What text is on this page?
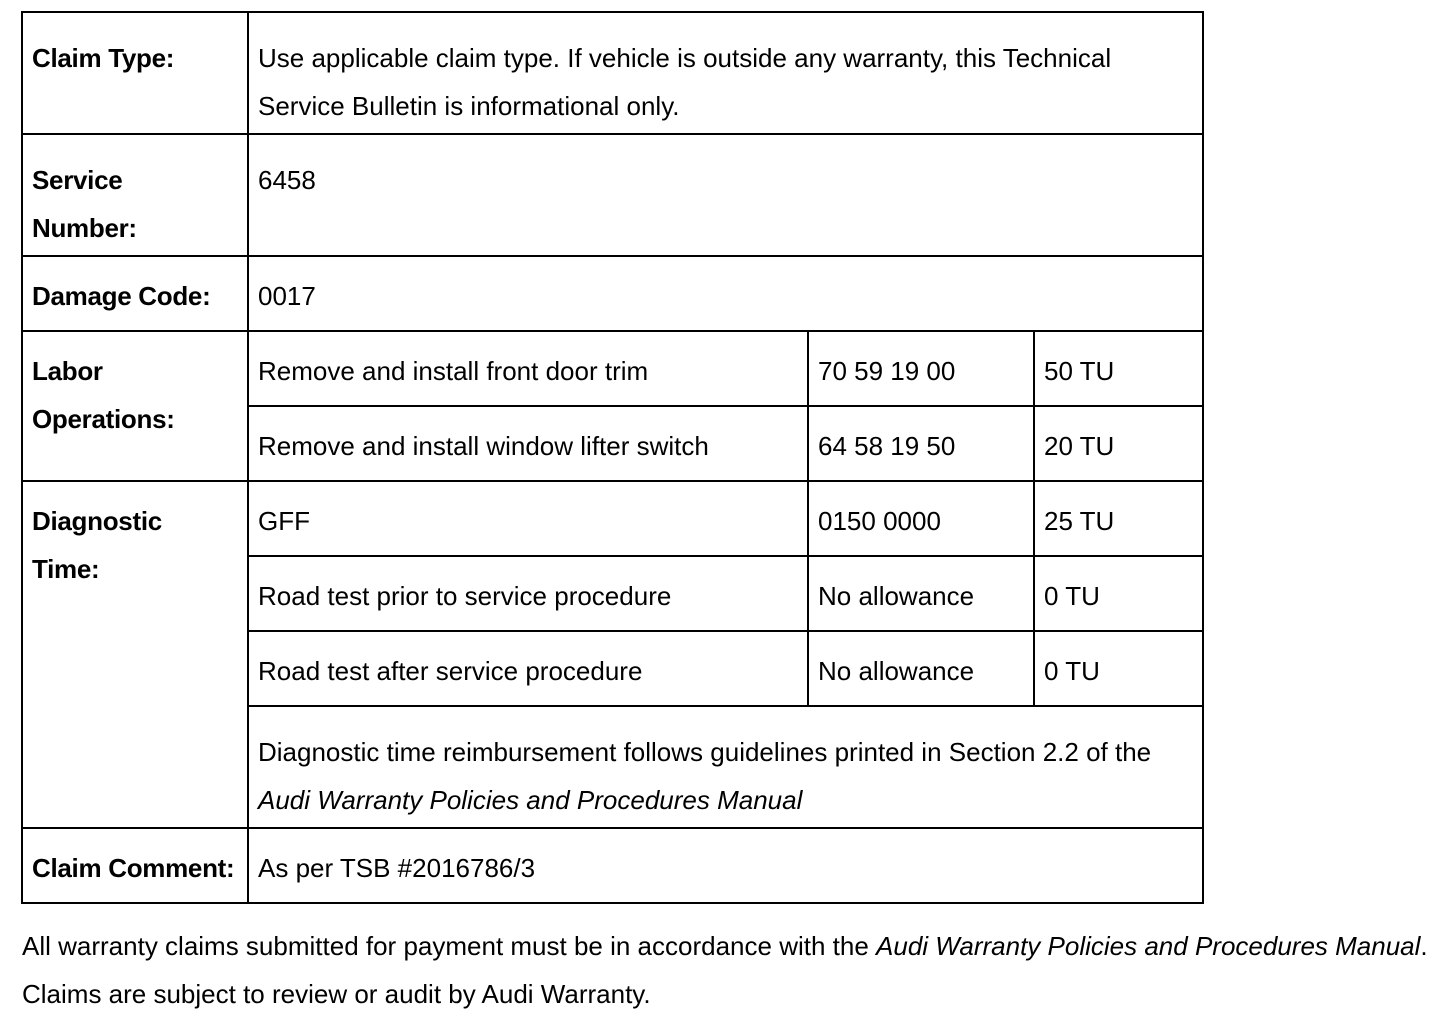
Claim Type:	Use applicable claim type. If vehicle is outside any warranty, this Technical Service Bulletin is informational only.		
Service
Number:	6458		
Damage Code:	0017		
Labor
Operations:	Remove and install front door trim	70 59 19 00	50 TU
	Remove and install window lifter switch	64 58 19 50	20 TU
Diagnostic
Time:	GFF	0150 0000	25 TU
	Road test prior to service procedure	No allowance	0 TU
	Road test after service procedure	No allowance	0 TU
	Diagnostic time reimbursement follows guidelines printed in Section 2.2 of the Audi Warranty Policies and Procedures Manual		
Claim Comment:	As per TSB #2016786/3		
All warranty claims submitted for payment must be in accordance with the Audi Warranty Policies and Procedures Manual. Claims are subject to review or audit by Audi Warranty.
